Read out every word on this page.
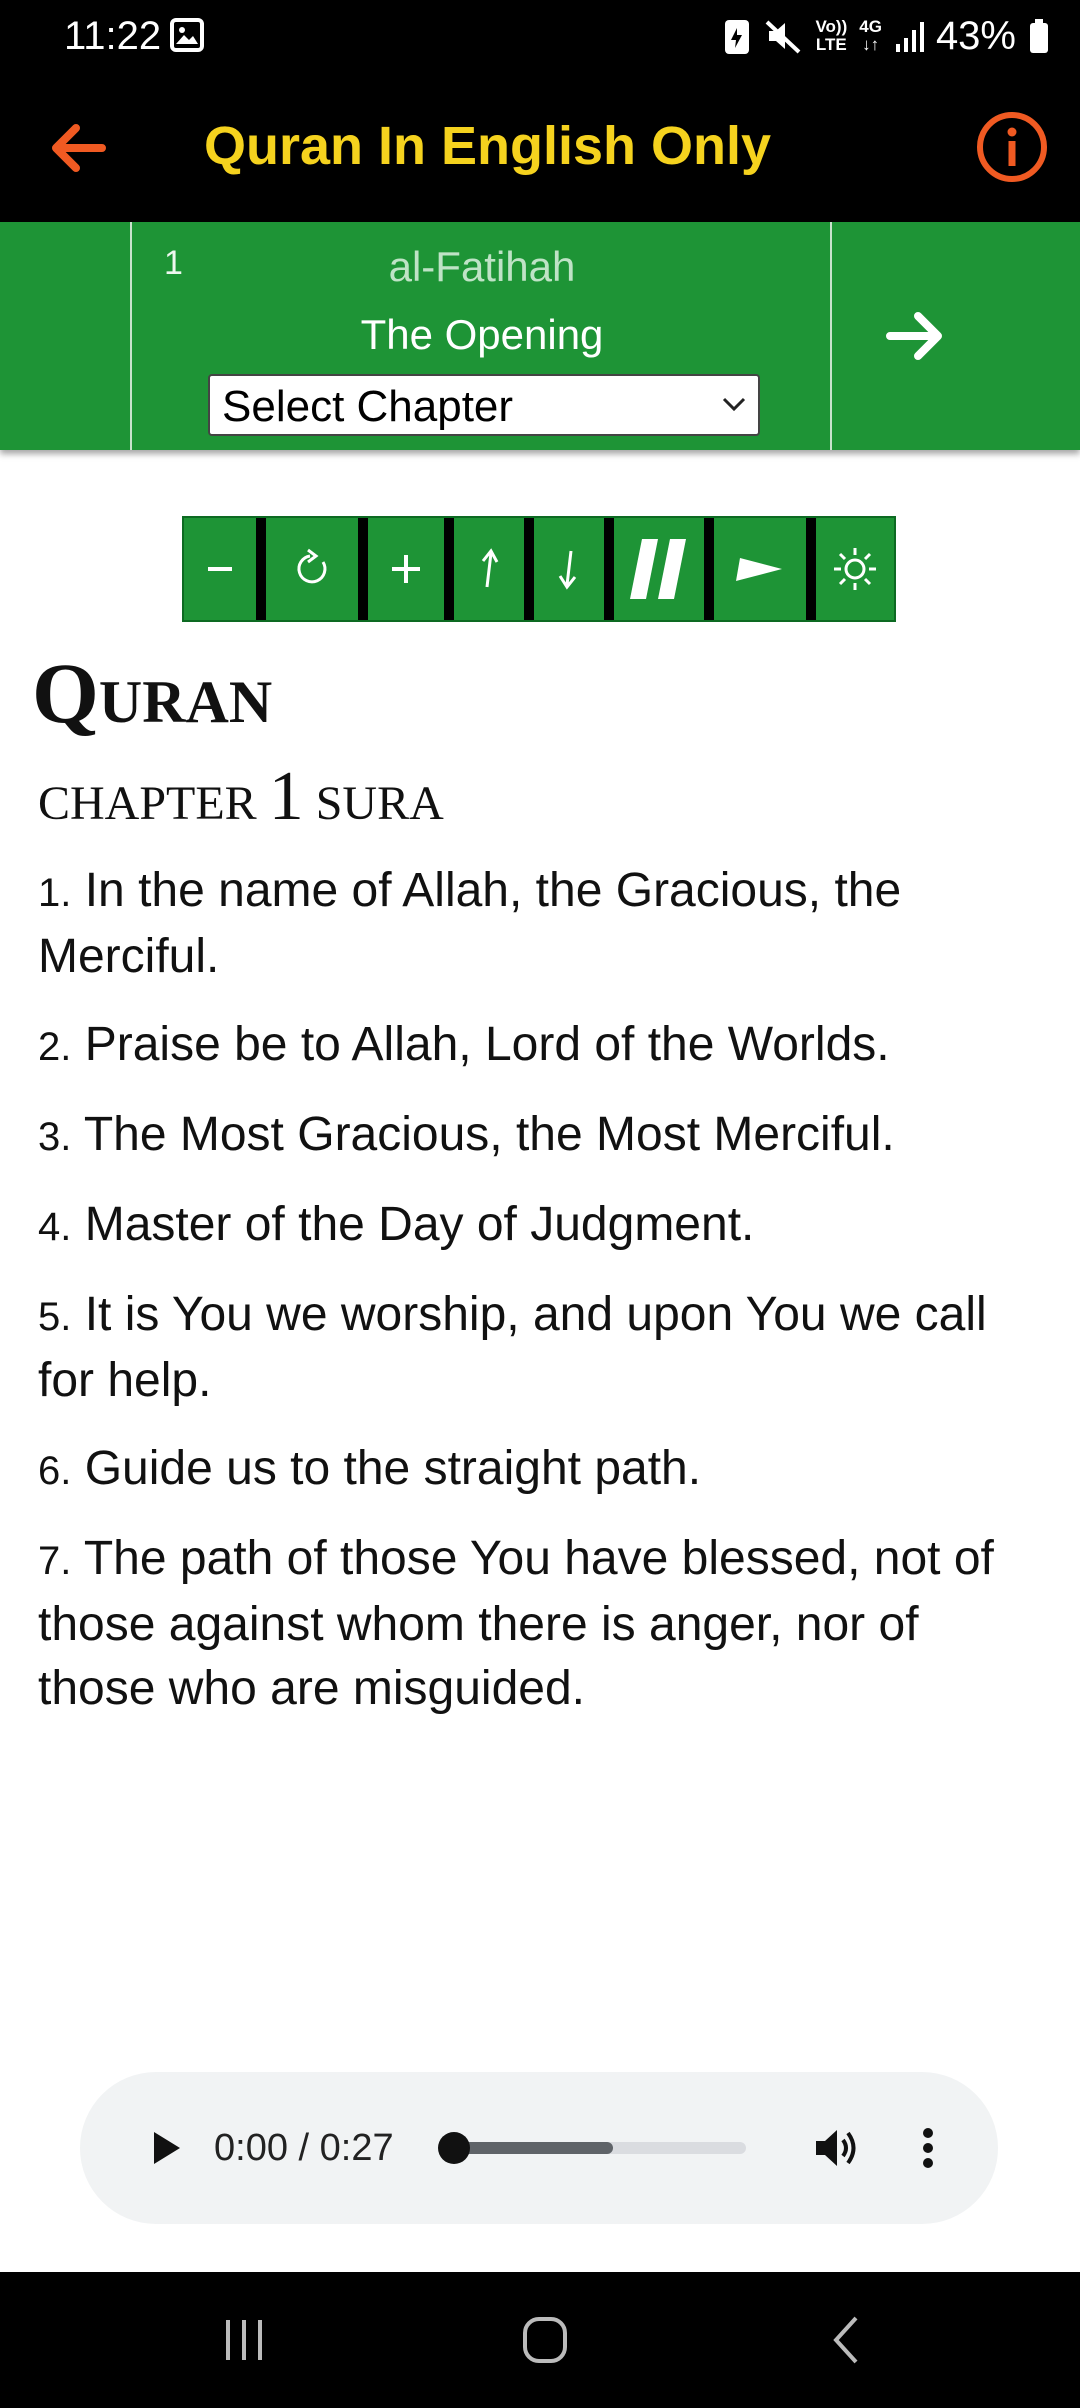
11:22	Vo))
LTE
4G
↓↑ 43%
Quran In English Only
1	al-Fatihah
The Opening
Select Chapter
Quran
CHAPTER 1 SURA
1. In the name of Allah, the Gracious, the Merciful.
2. Praise be to Allah, Lord of the Worlds.
3. The Most Gracious, the Most Merciful.
4. Master of the Day of Judgment.
5. It is You we worship, and upon You we call for help.
6. Guide us to the straight path.
7. The path of those You have blessed, not of those against whom there is anger, nor of those who are misguided.
0:00 / 0:27
